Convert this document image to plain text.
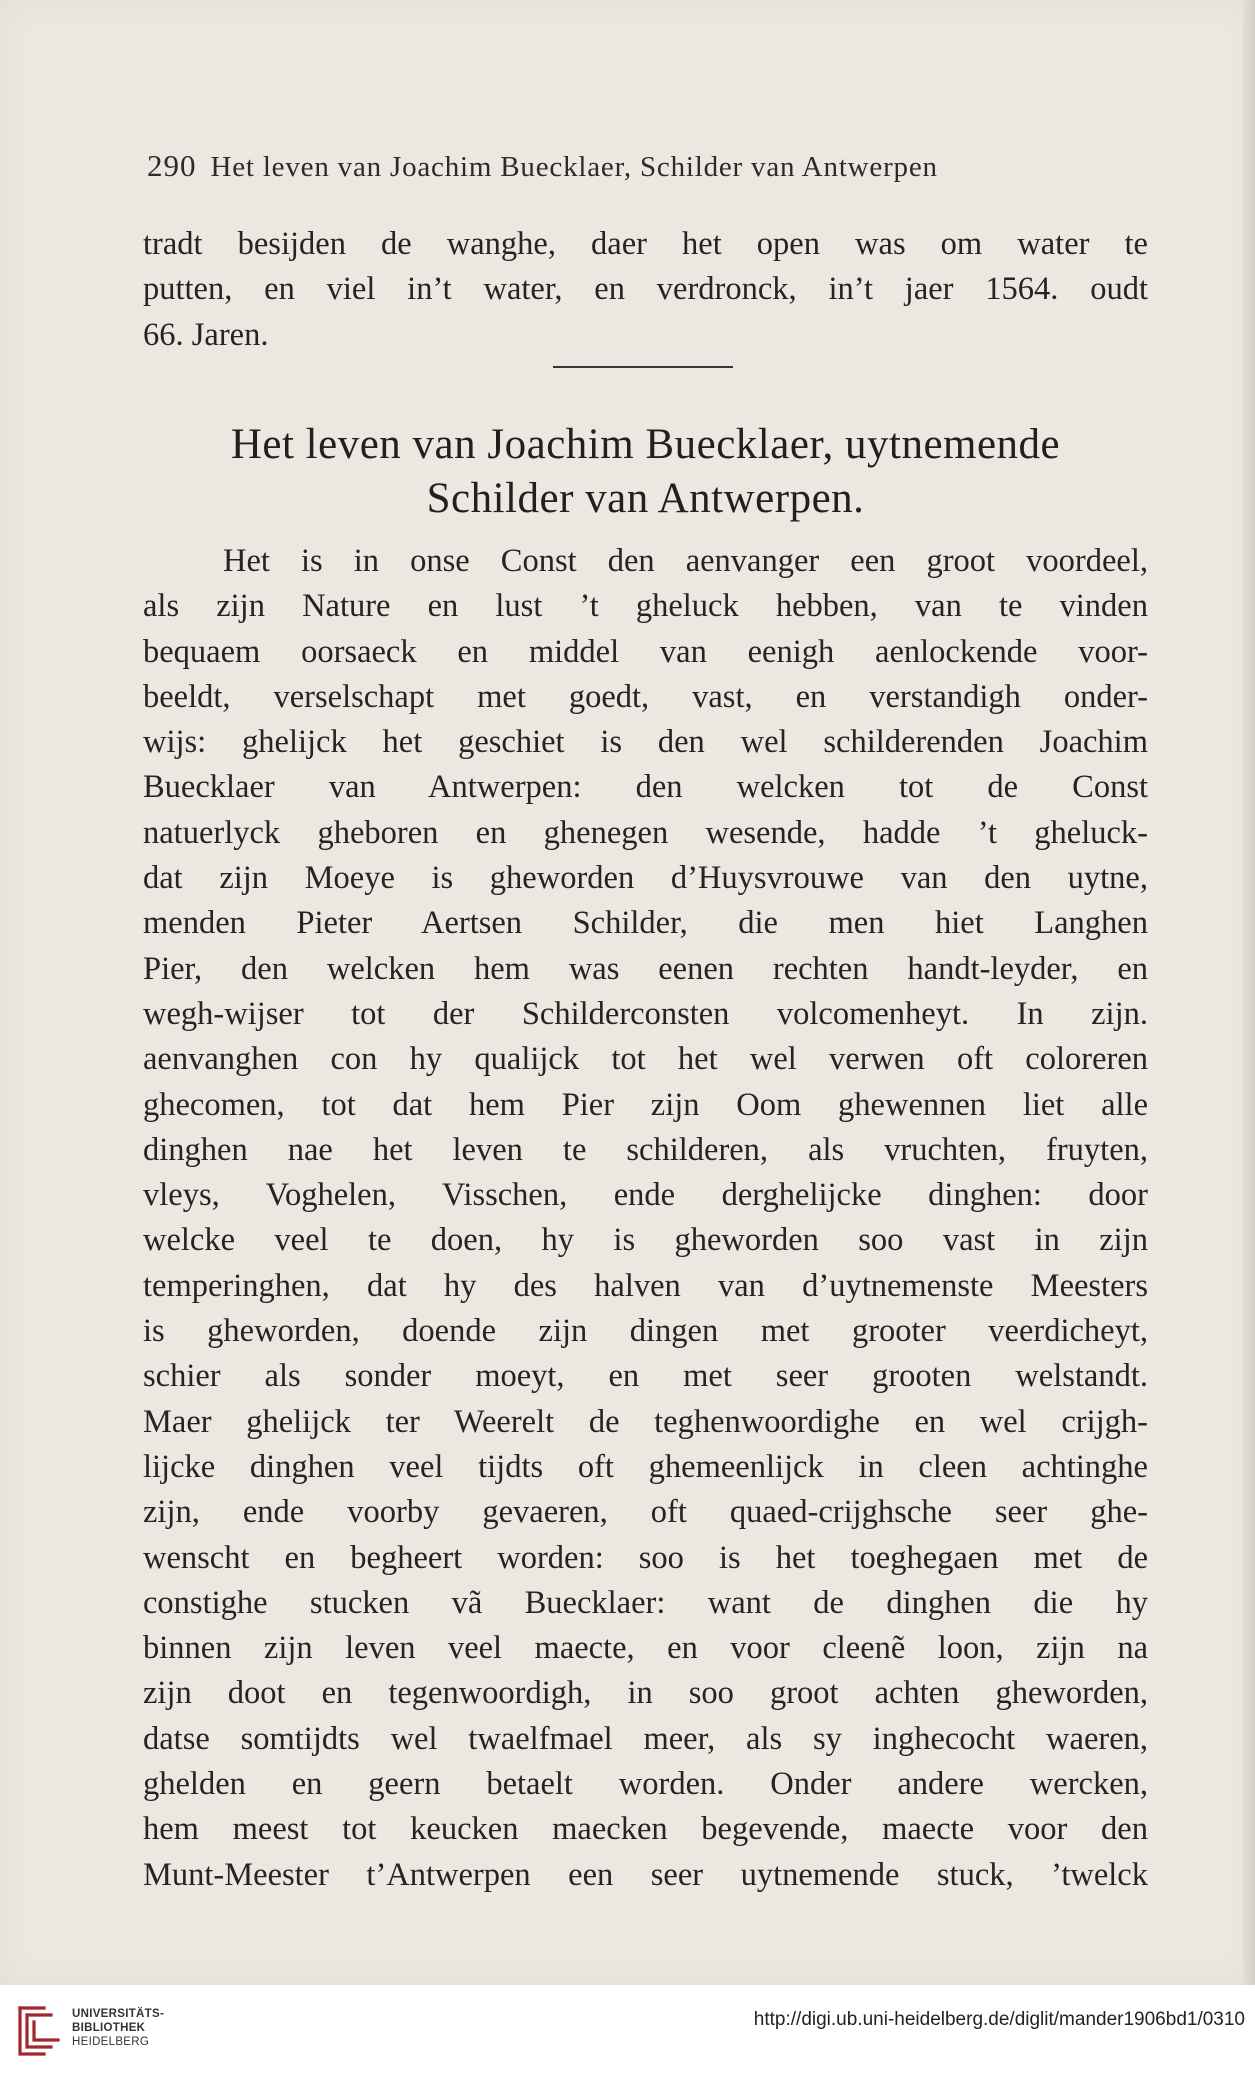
290 Het leven van Joachim Buecklaer, Schilder van Antwerpen
tradt besijden de wanghe, daer het open was om water te
putten, en viel in’t water, en verdronck, in’t jaer 1564. oudt
66. Jaren.
Het leven van Joachim Buecklaer, uytnemende
Schilder van Antwerpen.
Het is in onse Const den aenvanger een groot voordeel,
als zijn Nature en lust ’t gheluck hebben, van te vinden
bequaem oorsaeck en middel van eenigh aenlockende voor-
beeldt, verselschapt met goedt, vast, en verstandigh onder-
wijs: ghelijck het geschiet is den wel schilderenden Joachim
Buecklaer van Antwerpen: den welcken tot de Const
natuerlyck gheboren en ghenegen wesende, hadde ’t gheluck-
dat zijn Moeye is gheworden d’Huysvrouwe van den uytne,
menden Pieter Aertsen Schilder, die men hiet Langhen
Pier, den welcken hem was eenen rechten handt-leyder, en
wegh-wijser tot der Schilderconsten volcomenheyt. In zijn.
aenvanghen con hy qualijck tot het wel verwen oft coloreren
ghecomen, tot dat hem Pier zijn Oom ghewennen liet alle
dinghen nae het leven te schilderen, als vruchten, fruyten,
vleys, Voghelen, Visschen, ende derghelijcke dinghen: door
welcke veel te doen, hy is gheworden soo vast in zijn
temperinghen, dat hy des halven van d’uytnemenste Meesters
is gheworden, doende zijn dingen met grooter veerdicheyt,
schier als sonder moeyt, en met seer grooten welstandt.
Maer ghelijck ter Weerelt de teghenwoordighe en wel crijgh-
lijcke dinghen veel tijdts oft ghemeenlijck in cleen achtinghe
zijn, ende voorby gevaeren, oft quaed-crijghsche seer ghe-
wenscht en begheert worden: soo is het toeghegaen met de
constighe stucken vã Buecklaer: want de dinghen die hy
binnen zijn leven veel maecte, en voor cleenẽ loon, zijn na
zijn doot en tegenwoordigh, in soo groot achten gheworden,
datse somtijdts wel twaelfmael meer, als sy inghecocht waeren,
ghelden en geern betaelt worden. Onder andere wercken,
hem meest tot keucken maecken begevende, maecte voor den
Munt-Meester t’Antwerpen een seer uytnemende stuck, ’twelck
UNIVERSITÄTS-
BIBLIOTHEK
HEIDELBERG
http://digi.ub.uni-heidelberg.de/diglit/mander1906bd1/0310
